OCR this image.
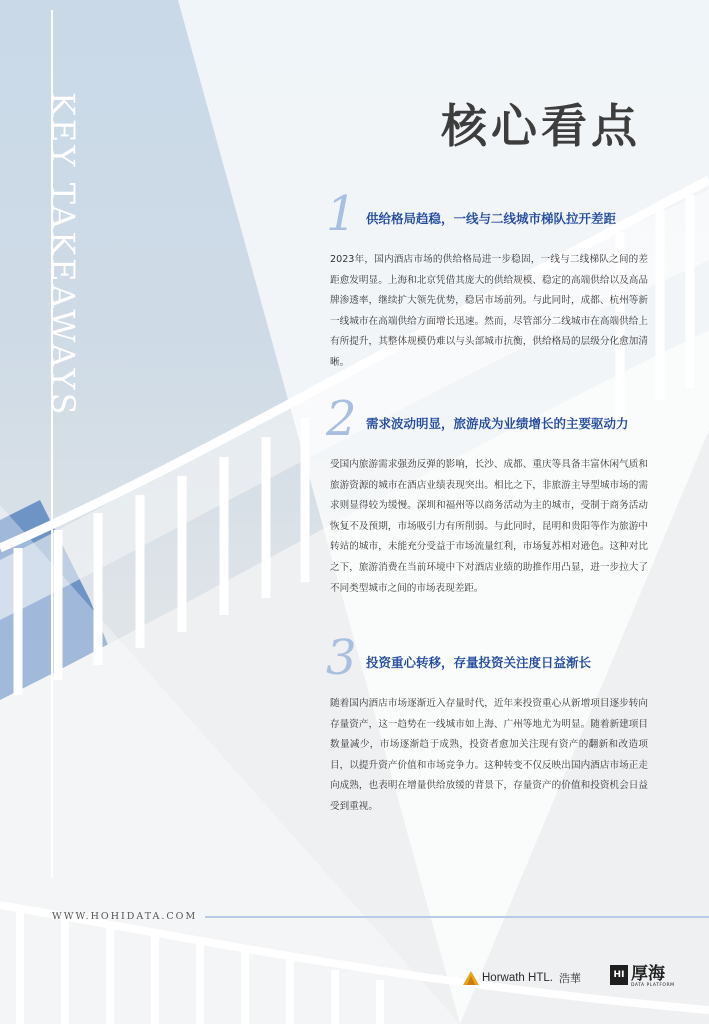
KEY TAKEAWAYS	核心看点
1 供给格局趋稳，一线与二线城市梯队拉开差距
2023年，国内酒店市场的供给格局进一步稳固，一线与二线梯队之间的差距愈发明显。上海和北京凭借其庞大的供给规模、稳定的高端供给以及高品牌渗透率，继续扩大领先优势，稳居市场前列。与此同时，成都、杭州等新一线城市在高端供给方面增长迅速。然而，尽管部分二线城市在高端供给上有所提升，其整体规模仍难以与头部城市抗衡，供给格局的层级分化愈加清晰。
2 需求波动明显，旅游成为业绩增长的主要驱动力
受国内旅游需求强劲反弹的影响，长沙、成都、重庆等具备丰富休闲气质和旅游资源的城市在酒店业绩表现突出。相比之下，非旅游主导型城市场的需求则显得较为缓慢。深圳和福州等以商务活动为主的城市，受制于商务活动恢复不及预期，市场吸引力有所削弱。与此同时，昆明和贵阳等作为旅游中转站的城市，未能充分受益于市场流量红利，市场复苏相对逊色。这种对比之下，旅游消费在当前环境中下对酒店业绩的助推作用凸显，进一步拉大了不同类型城市之间的市场表现差距。
3 投资重心转移，存量投资关注度日益渐长
随着国内酒店市场逐渐近入存量时代，近年来投资重心从新增项目逐步转向存量资产，这一趋势在一线城市如上海、广州等地尤为明显。随着新建项目数量减少，市场逐渐趋于成熟，投资者愈加关注现有资产的翻新和改造项目，以提升资产价值和市场竞争力。这种转变不仅反映出国内酒店市场正走向成熟，也表明在增量供给放缓的背景下，存量资产的价值和投资机会日益受到重视。
WWW.HOHIDATA.COM
Horwath HTL. 浩華	HI 厚海
DATA PLATFORM
